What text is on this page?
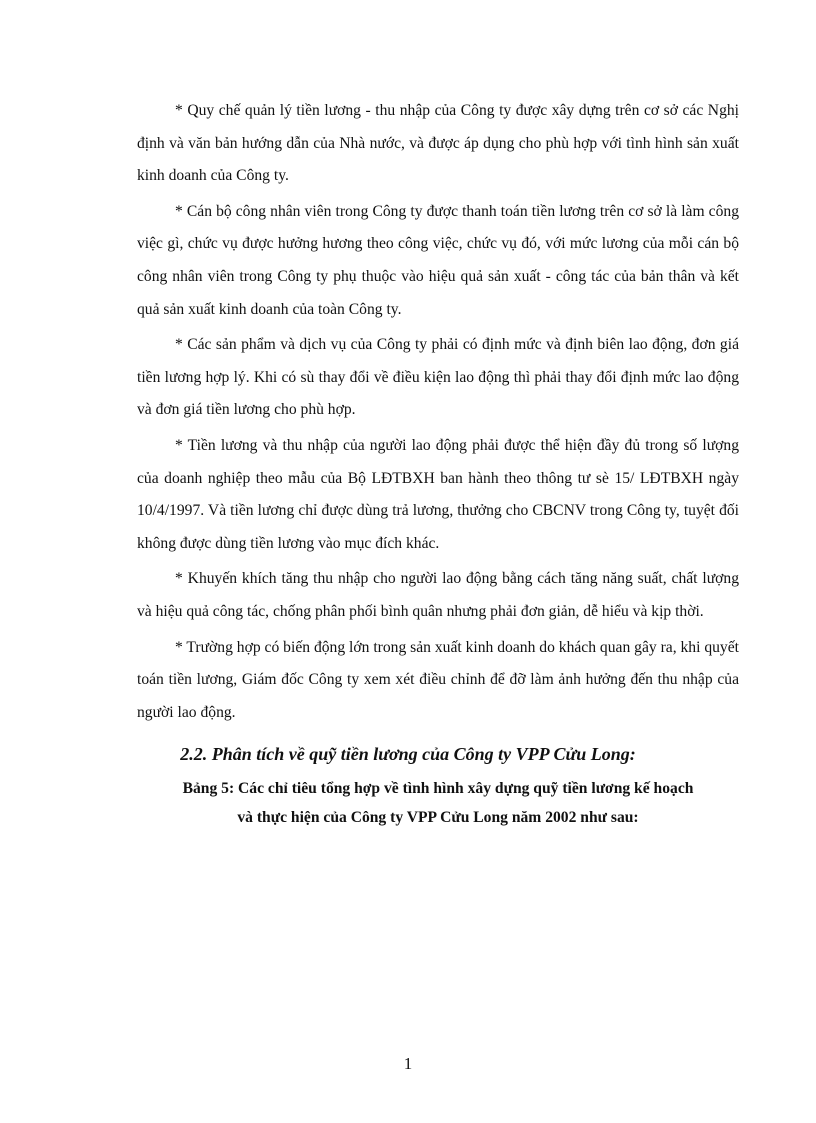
* Quy chế quản lý tiền lương - thu nhập của Công ty được xây dựng trên cơ sở các Nghị định và văn bản hướng dẫn của Nhà nước, và được áp dụng cho phù hợp với tình hình sản xuất kinh doanh của Công ty.

* Cán bộ công nhân viên trong Công ty được thanh toán tiền lương trên cơ sở là làm công việc gì, chức vụ được hưởng hương theo công việc, chức vụ đó, với mức lương của mỗi cán bộ công nhân viên trong Công ty phụ thuộc vào hiệu quả sản xuất - công tác của bản thân và kết quả sản xuất kinh doanh của toàn Công ty.

* Các sản phẩm và dịch vụ của Công ty phải có định mức và định biên lao động, đơn giá tiền lương hợp lý. Khi có sù thay đổi về điều kiện lao động thì phải thay đổi định mức lao động và đơn giá tiền lương cho phù hợp.

* Tiền lương và thu nhập của người lao động phải được thể hiện đầy đủ trong số lượng của doanh nghiệp theo mẫu của Bộ LĐTBXH ban hành theo thông tư sè 15/ LĐTBXH ngày 10/4/1997. Và tiền lương chỉ được dùng trả lương, thưởng cho CBCNV trong Công ty, tuyệt đối không được dùng tiền lương vào mục đích khác.

* Khuyến khích tăng thu nhập cho người lao động bằng cách tăng năng suất, chất lượng và hiệu quả công tác, chống phân phối bình quân nhưng phải đơn giản, dễ hiểu và kịp thời.

* Trường hợp có biến động lớn trong sản xuất kinh doanh do khách quan gây ra, khi quyết toán tiền lương, Giám đốc Công ty xem xét điều chỉnh để đỡ làm ảnh hưởng đến thu nhập của người lao động.

2.2. Phân tích về quỹ tiền lương của Công ty VPP Cửu Long:
Bảng 5: Các chỉ tiêu tổng hợp về tình hình xây dựng quỹ tiền lương kế hoạch
và thực hiện của Công ty VPP Cửu Long năm 2002 như sau:
1
